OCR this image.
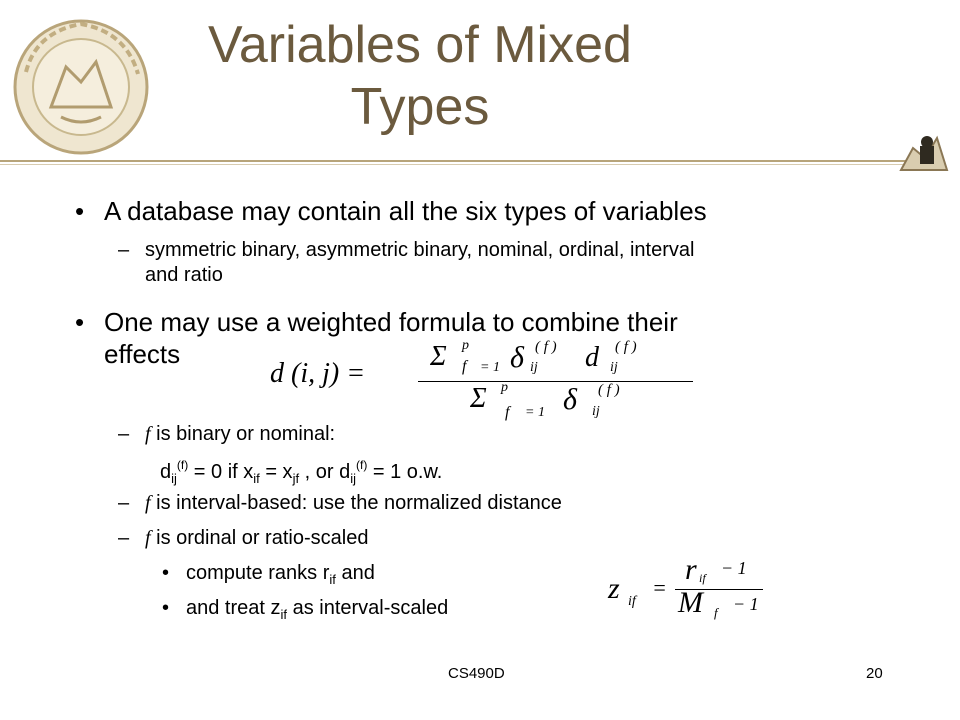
Variables of Mixed
Types
• A database may contain all the six types of variables
– symmetric binary, asymmetric binary, nominal, ordinal, interval
and ratio
• One may use a weighted formula to combine their
effects
d (i, j) =
Σ p
f = 1 δ ij
( f ) d ij
( f )
Σ p
f = 1 δ ij
( f )
– f is binary or nominal:
$d_{ij}^{(f)} = 0$ if $x_{if} = x_{jf}$ , or $d_{ij}^{(f)} = 1$ o.w.
– f is interval-based: use the normalized distance
– f is ordinal or ratio-scaled
• compute ranks $r_{if}$ and
• and treat $z_{if}$ as interval-scaled
z if
=
r if − 1
M f − 1
CS490D	20
